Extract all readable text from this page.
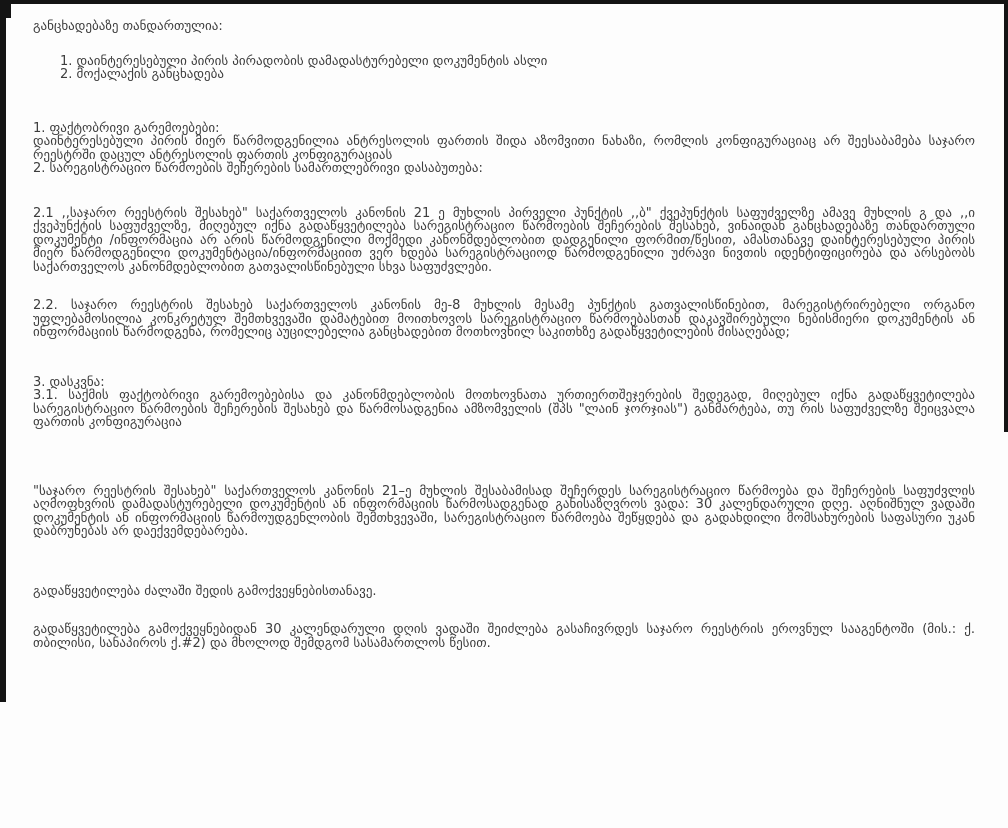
განცხადებაზე თანდართულია:
1. დაინტერესებული პირის პირადობის დამადასტურებელი დოკუმენტის ასლი
2. მოქალაქის განცხადება
1. ფაქტობრივი გარემოებები:
დაინტერესებული პირის მიერ წარმოდგენილია ანტრესოლის ფართის შიდა აზომვითი ნახაზი, რომლის კონფიგურაციაც არ შეესაბამება საჯარო რეესტრში დაცულ ანტრესოლის ფართის კონფიგურაციას
2. სარეგისტრაციო წარმოების შეჩერების სამართლებრივი დასაბუთება:
2.1 ,,საჯარო რეესტრის შესახებ" საქართველოს კანონის 21 ე მუხლის პირველი პუნქტის ,,ბ" ქვეპუნქტის საფუძველზე ამავე მუხლის გ და ,,ი ქვეპუნქტის საფუძველზე, მიღებულ იქნა გადაწყვეტილება სარეგისტრაციო წარმოების შეჩერების შესახებ, ვინაიდან განცხადებაზე თანდართული დოკუმენტი /ინფორმაცია არ არის წარმოდგენილი მოქმედი კანონმდებლობით დადგენილი ფორმით/წესით, ამასთანავე დაინტერესებული პირის მიერ წარმოდგენილი დოკუმენტაცია/ინფორმაციით ვერ ხდება სარეგისტრაციოდ წარმოდგენილი უძრავი ნივთის იდენტიფიცირება და არსებობს საქართველოს კანონმდებლობით გათვალისწინებული სხვა საფუძვლები.
2.2. საჯარო რეესტრის შესახებ საქართველოს კანონის მე-8 მუხლის მესამე პუნქტის გათვალისწინებით, მარეგისტრირებელი ორგანო უფლებამოსილია კონკრეტულ შემთხვევაში დამატებით მოითხოვოს სარეგისტრაციო წარმოებასთან დაკავშირებული ნებისმიერი დოკუმენტის ან ინფორმაციის წარმოდგენა, რომელიც აუცილებელია განცხადებით მოთხოვნილ საკითხზე გადაწყვეტილების მისაღებად;
3. დასკვნა:
3.1. საქმის ფაქტობრივი გარემოებებისა და კანონმდებლობის მოთხოვნათა ურთიერთშეჯერების შედეგად, მიღებულ იქნა გადაწყვეტილება სარეგისტრაციო წარმოების შეჩერების შესახებ და წარმოსადგენია ამზომველის (შპს "ლაინ ჯორჯიას") განმარტება, თუ რის საფუძველზე შეიცვალა ფართის კონფიგურაცია
"საჯარო რეესტრის შესახებ" საქართველოს კანონის 21–ე მუხლის შესაბამისად შეჩერდეს სარეგისტრაციო წარმოება და შეჩერების საფუძვლის აღმოფხვრის დამადასტურებელი დოკუმენტის ან ინფორმაციის წარმოსადგენად განისაზღვროს ვადა: 30 კალენდარული დღე. აღნიშნულ ვადაში დოკუმენტის ან ინფორმაციის წარმოუდგენლობის შემთხვევაში, სარეგისტრაციო წარმოება შეწყდება და გადახდილი მომსახურების საფასური უკან დაბრუნებას არ დაექვემდებარება.
გადაწყვეტილება ძალაში შედის გამოქვეყნებისთანავე.
გადაწყვეტილება გამოქვეყნებიდან 30 კალენდარული დღის ვადაში შეიძლება გასაჩივრდეს საჯარო რეესტრის ეროვნულ სააგენტოში (მის.: ქ. თბილისი, სანაპიროს ქ.#2) და მხოლოდ შემდგომ სასამართლოს წესით.
